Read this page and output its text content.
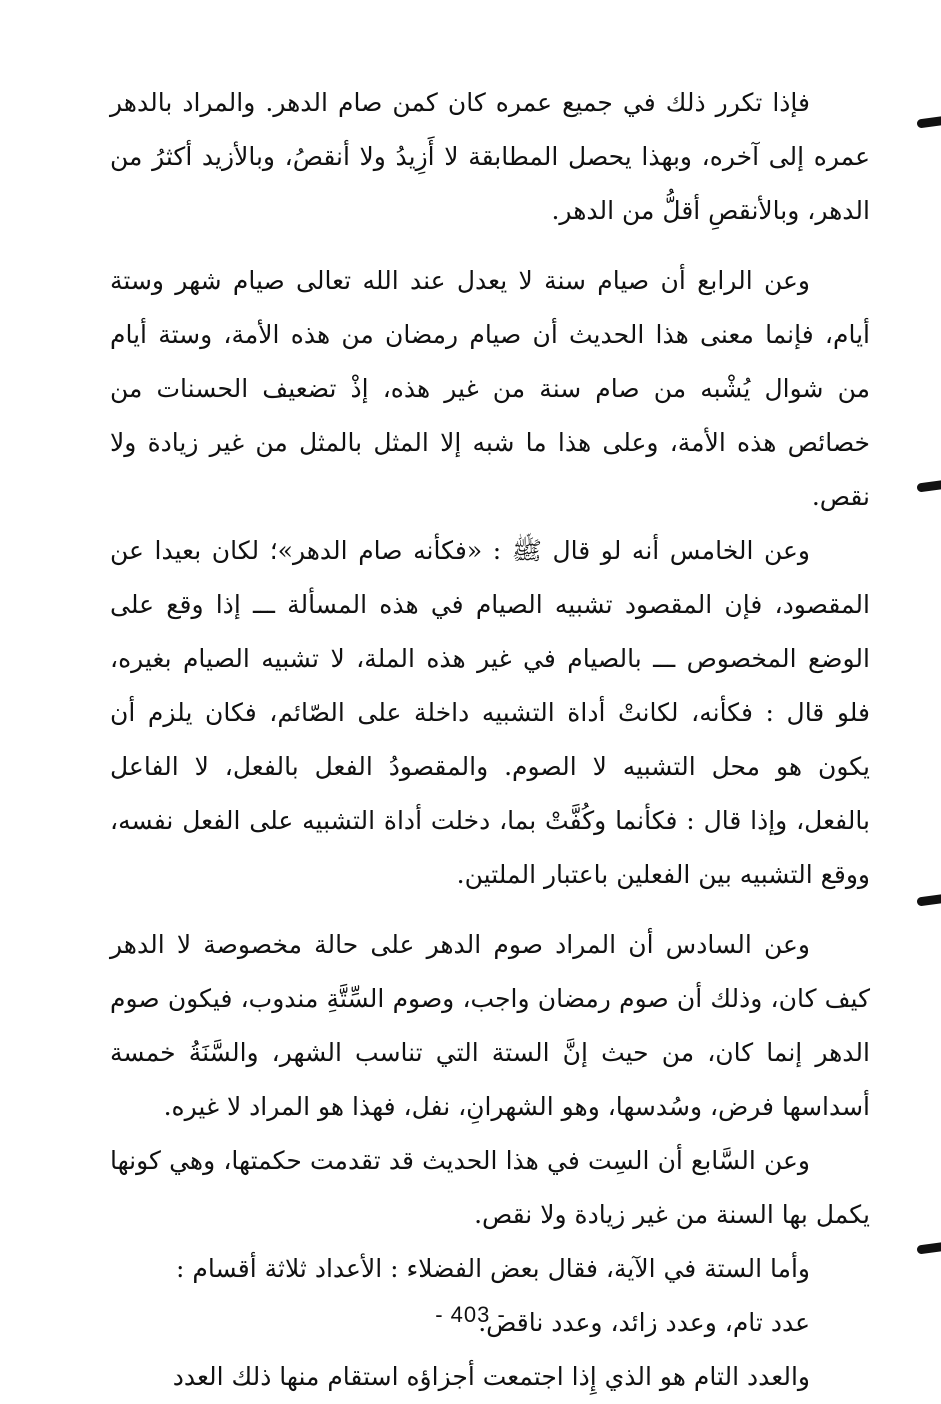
فإذا تكرر ذلك في جميع عمره كان كمن صام الدهر. والمراد بالدهر عمره إلى آخره، وبهذا يحصل المطابقة لا أَزِيدُ ولا أنقصُ، وبالأزيد أكثرُ من الدهر، وبالأنقصِ أقلُّ من الدهر.

وعن الرابع أن صيام سنة لا يعدل عند الله تعالى صيام شهر وستة أيام، فإنما معنى هذا الحديث أن صيام رمضان من هذه الأمة، وستة أيام من شوال يُشْبه من صام سنة من غير هذه، إذْ تضعيف الحسنات من خصائص هذه الأمة، وعلى هذا ما شبه إلا المثل بالمثل من غير زيادة ولا نقص.

وعن الخامس أنه لو قال ﷺ : «فكأنه صام الدهر»؛ لكان بعيدا عن المقصود، فإن المقصود تشبيه الصيام في هذه المسألة ـــ إذا وقع على الوضع المخصوص ـــ بالصيام في غير هذه الملة، لا تشبيه الصيام بغيره، فلو قال : فكأنه، لكانتْ أداة التشبيه داخلة على الصّائم، فكان يلزم أن يكون هو محل التشبيه لا الصوم. والمقصودُ الفعل بالفعل، لا الفاعل بالفعل، وإذا قال : فكأنما وكُفَّتْ بما، دخلت أداة التشبيه على الفعل نفسه، ووقع التشبيه بين الفعلين باعتبار الملتين.

وعن السادس أن المراد صوم الدهر على حالة مخصوصة لا الدهر كيف كان، وذلك أن صوم رمضان واجب، وصوم السِّتَّةِ مندوب، فيكون صوم الدهر إنما كان، من حيث إنَّ الستة التي تناسب الشهر، والسَّنَةُ خمسة أسداسها فرض، وسُدسها، وهو الشهرانِ، نفل، فهذا هو المراد لا غيره.

وعن السَّابع أن السِت في هذا الحديث قد تقدمت حكمتها، وهي كونها يكمل بها السنة من غير زيادة ولا نقص.

وأما الستة في الآية، فقال بعض الفضلاء : الأعداد ثلاثة أقسام :

عدد تام، وعدد زائد، وعدد ناقص.

والعدد التام هو الذي إِذا اجتمعت أجزاؤه استقام منها ذلك العدد

- 403 -
